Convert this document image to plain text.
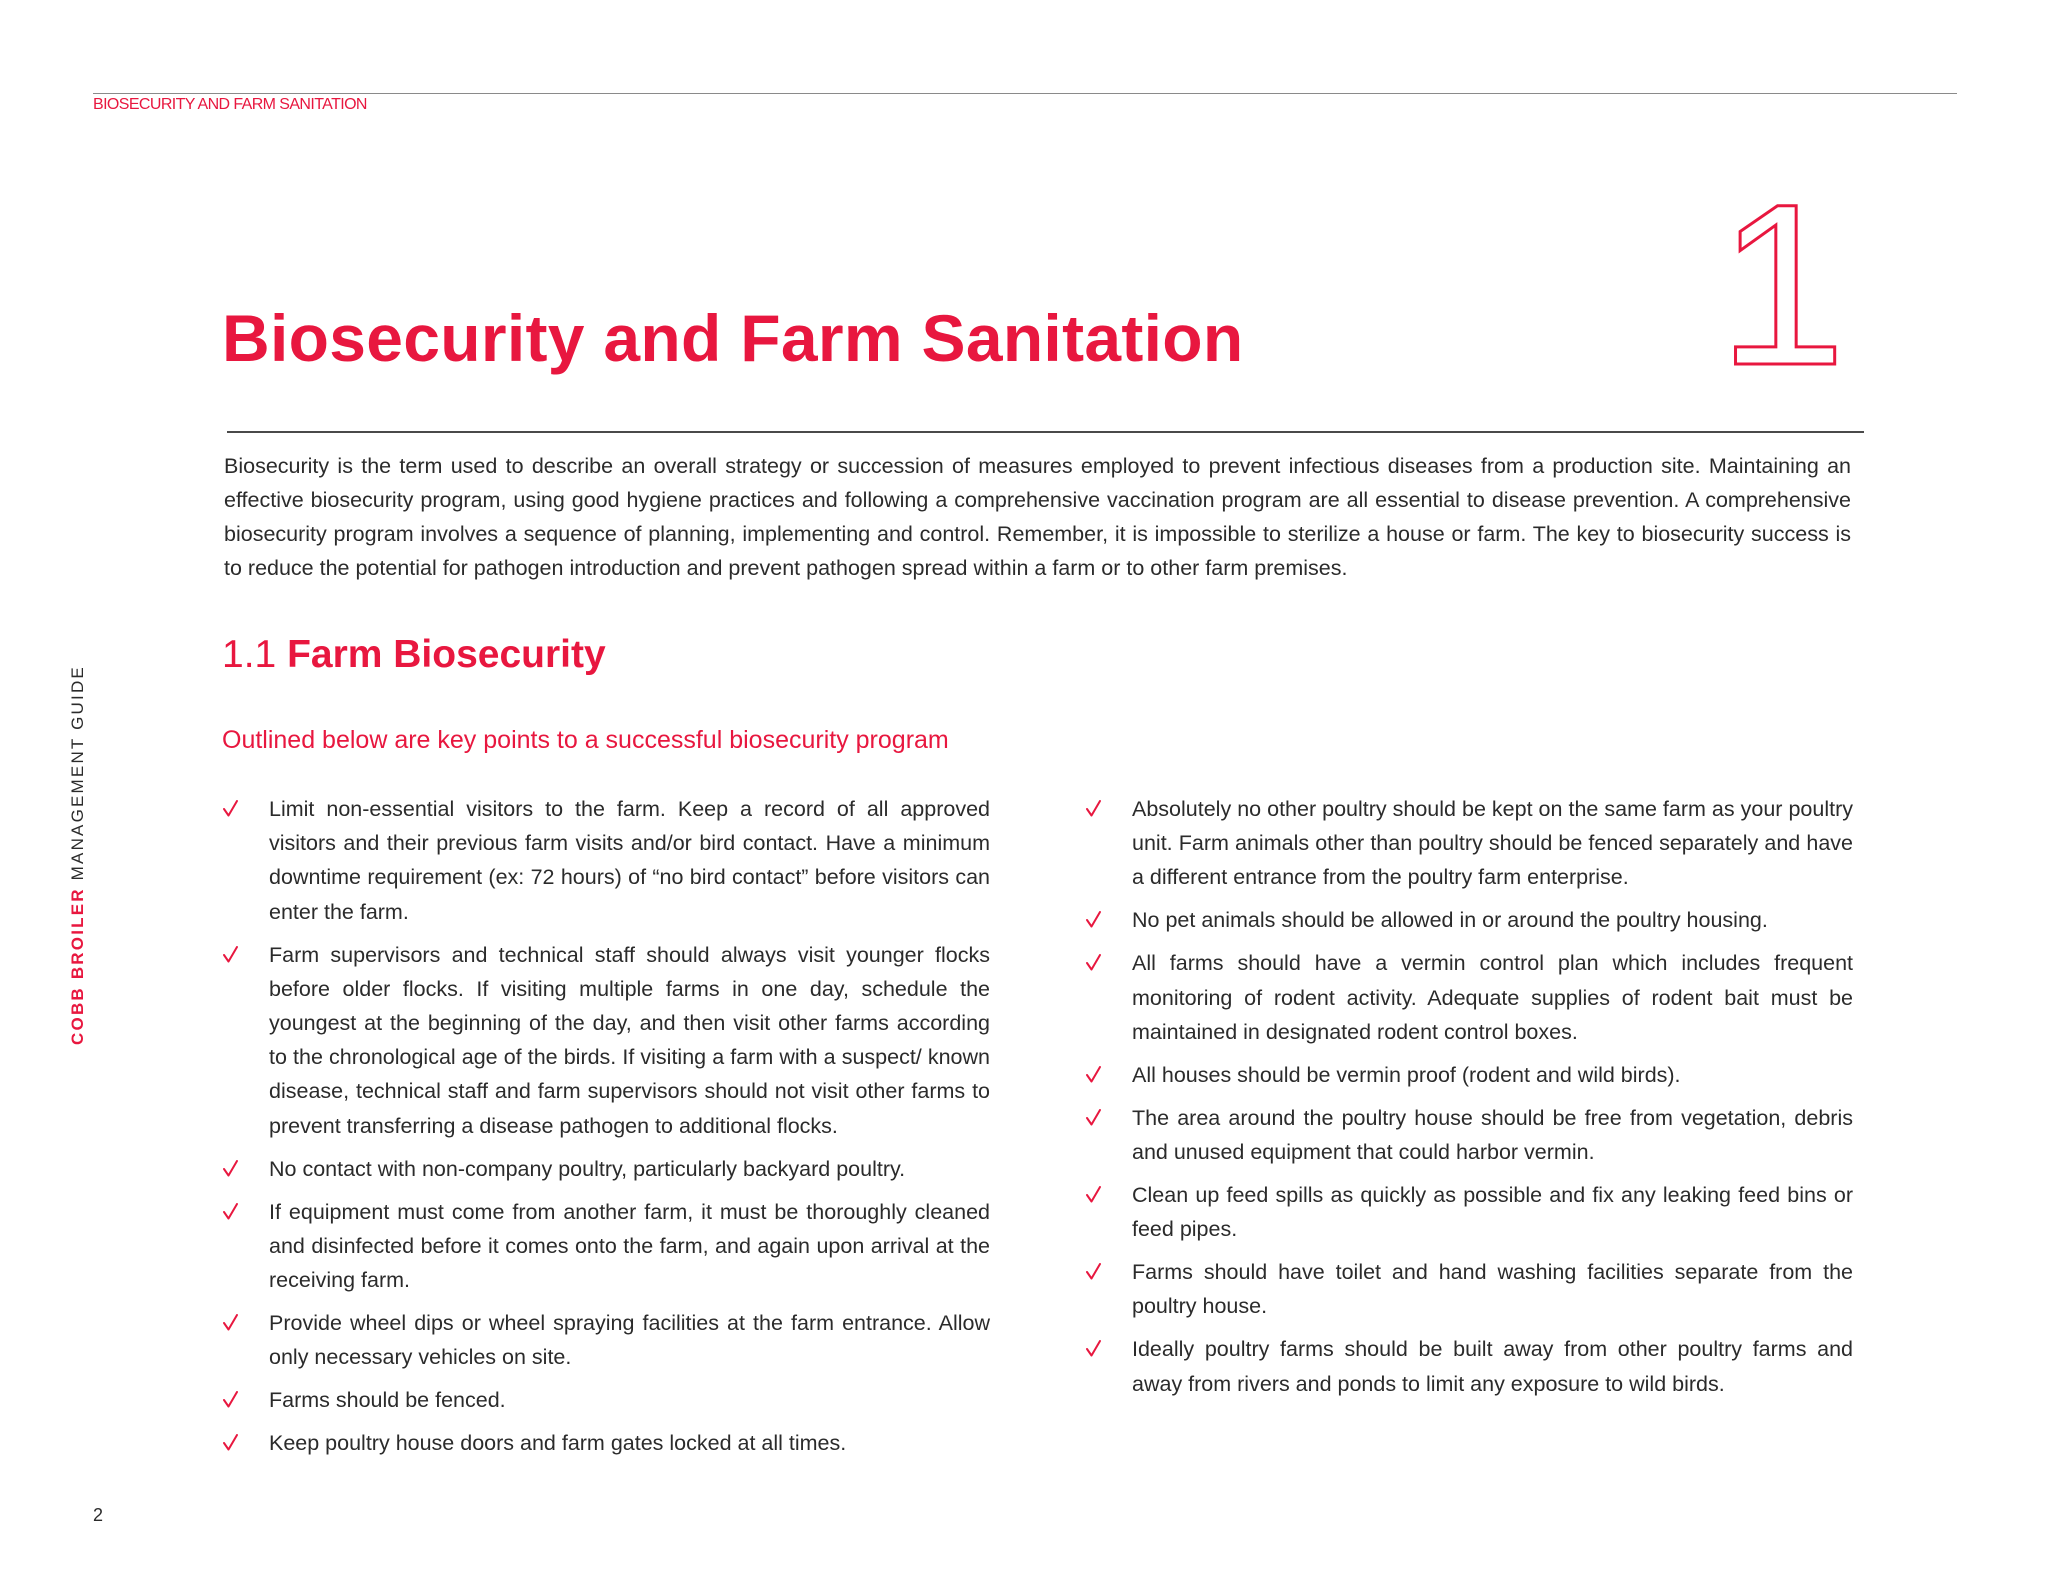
BIOSECURITY AND FARM SANITATION
COBB BROILER MANAGEMENT GUIDE
1
Biosecurity and Farm Sanitation

Biosecurity is the term used to describe an overall strategy or succession of measures employed to prevent infectious diseases from a production site. Maintaining an effective biosecurity program, using good hygiene practices and following a comprehensive vaccination program are all essential to disease prevention. A comprehensive biosecurity program involves a sequence of planning, implementing and control. Remember, it is impossible to sterilize a house or farm. The key to biosecurity success is to reduce the potential for pathogen introduction and prevent pathogen spread within a farm or to other farm premises.

1.1 Farm Biosecurity

Outlined below are key points to a successful biosecurity program

Limit non-essential visitors to the farm. Keep a record of all approved visitors and their previous farm visits and/or bird contact. Have a minimum downtime requirement (ex: 72 hours) of “no bird contact” before visitors can enter the farm.
Farm supervisors and technical staff should always visit younger flocks before older flocks. If visiting multiple farms in one day, schedule the youngest at the beginning of the day, and then visit other farms according to the chronological age of the birds. If visiting a farm with a suspect/ known disease, technical staff and farm supervisors should not visit other farms to prevent transferring a disease pathogen to additional flocks.
No contact with non-company poultry, particularly backyard poultry.
If equipment must come from another farm, it must be thoroughly cleaned and disinfected before it comes onto the farm, and again upon arrival at the receiving farm.
Provide wheel dips or wheel spraying facilities at the farm entrance. Allow only necessary vehicles on site.
Farms should be fenced.
Keep poultry house doors and farm gates locked at all times.
Absolutely no other poultry should be kept on the same farm as your poultry unit. Farm animals other than poultry should be fenced separately and have a different entrance from the poultry farm enterprise.
No pet animals should be allowed in or around the poultry housing.
All farms should have a vermin control plan which includes frequent monitoring of rodent activity. Adequate supplies of rodent bait must be maintained in designated rodent control boxes.
All houses should be vermin proof (rodent and wild birds).
The area around the poultry house should be free from vegetation, debris and unused equipment that could harbor vermin.
Clean up feed spills as quickly as possible and fix any leaking feed bins or feed pipes.
Farms should have toilet and hand washing facilities separate from the poultry house.
Ideally poultry farms should be built away from other poultry farms and away from rivers and ponds to limit any exposure to wild birds.
2
